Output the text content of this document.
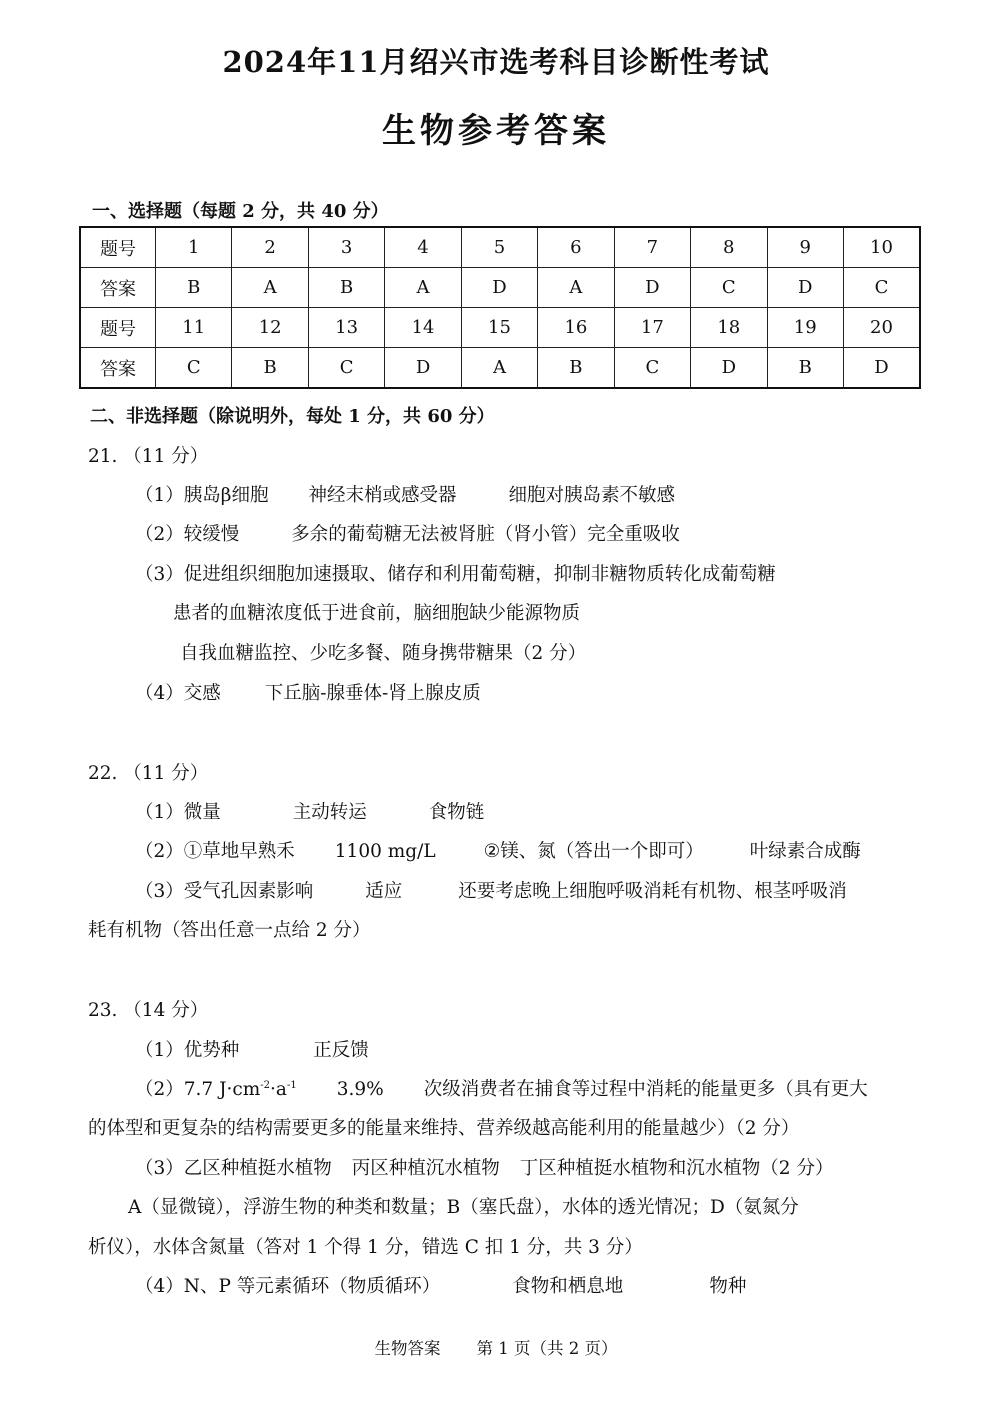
2024年11月绍兴市选考科目诊断性考试
生物参考答案
一、选择题（每题 2 分，共 40 分）
题号	1	2	3	4	5	6	7	8	9	10
答案	B	A	B	A	D	A	D	C	D	C
题号	11	12	13	14	15	16	17	18	19	20
答案	C	B	C	D	A	B	C	D	B	D
二、非选择题（除说明外，每处 1 分，共 60 分）
21. （11 分）
（1）胰岛β细胞 神经末梢或感受器	细胞对胰岛素不敏感
（2）较缓慢	多余的葡萄糖无法被肾脏（肾小管）完全重吸收
（3）促进组织细胞加速摄取、储存和利用葡萄糖，抑制非糖物质转化成葡萄糖
患者的血糖浓度低于进食前，脑细胞缺少能源物质
自我血糖监控、少吃多餐、随身携带糖果（2 分）
（4）交感 下丘脑-腺垂体-肾上腺皮质
22. （11 分）
（1）微量	主动转运	食物链
（2）①草地早熟禾 1100 mg/L	②镁、氮（答出一个即可） 叶绿素合成酶
（3）受气孔因素影响	适应	还要考虑晚上细胞呼吸消耗有机物、根茎呼吸消
耗有机物（答出任意一点给 2 分）
23. （14 分）
（1）优势种	正反馈
（2）7.7 $J\cdot cm^{-2}\cdot a^{-1}$ 3.9% 次级消费者在捕食等过程中消耗的能量更多（具有更大
的体型和更复杂的结构需要更多的能量来维持、营养级越高能利用的能量越少）（2 分）
（3）乙区种植挺水植物 丙区种植沉水植物 丁区种植挺水植物和沉水植物（2 分）
A（显微镜），浮游生物的种类和数量；B（塞氏盘），水体的透光情况；D（氨氮分
析仪），水体含氮量（答对 1 个得 1 分，错选 C 扣 1 分，共 3 分）
（4）N、P 等元素循环（物质循环）	食物和栖息地	物种
生物答案 第 1 页（共 2 页）
